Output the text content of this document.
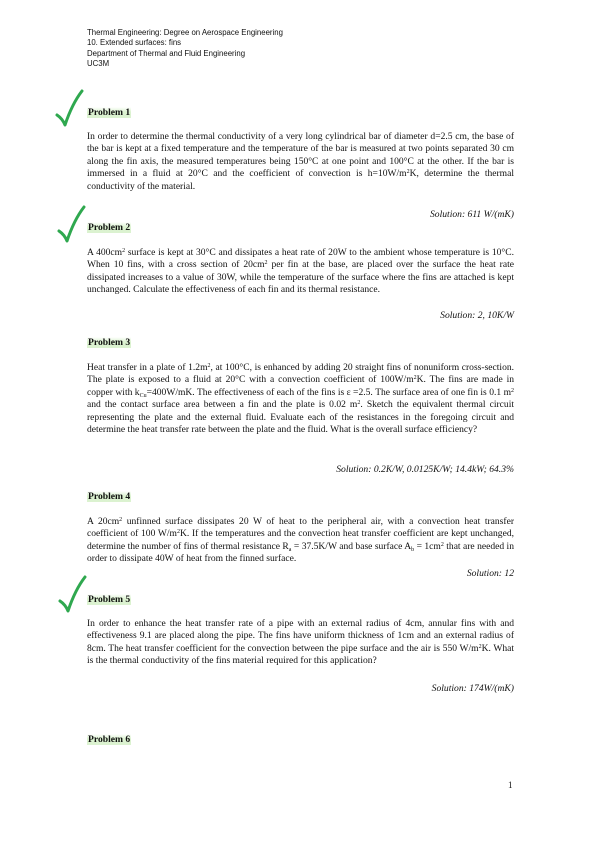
Thermal Engineering: Degree on Aerospace Engineering
10. Extended surfaces: fins
Department of Thermal and Fluid Engineering
UC3M
Problem 1
In order to determine the thermal conductivity of a very long cylindrical bar of diameter d=2.5 cm, the base of the bar is kept at a fixed temperature and the temperature of the bar is measured at two points separated 30 cm along the fin axis, the measured temperatures being 150°C at one point and 100°C at the other. If the bar is immersed in a fluid at 20°C and the coefficient of convection is $h=10W/m^2K$, determine the thermal conductivity of the material.
Solution: 611 W/(mK)
Problem 2
A $400cm^2$ surface is kept at 30°C and dissipates a heat rate of 20W to the ambient whose temperature is 10°C. When 10 fins, with a cross section of $20cm^2$ per fin at the base, are placed over the surface the heat rate dissipated increases to a value of 30W, while the temperature of the surface where the fins are attached is kept unchanged. Calculate the effectiveness of each fin and its thermal resistance.
Solution: 2, 10K/W
Problem 3
Heat transfer in a plate of $1.2m^2$, at 100°C, is enhanced by adding 20 straight fins of nonuniform cross-section. The plate is exposed to a fluid at 20°C with a convection coefficient of $100W/m^2K$. The fins are made in copper with $k_{Cu}=400W/mK$. The effectiveness of each of the fins is ε =2.5. The surface area of one fin is 0.1 $m^2$ and the contact surface area between a fin and the plate is 0.02 $m^2$. Sketch the equivalent thermal circuit representing the plate and the external fluid. Evaluate each of the resistances in the foregoing circuit and determine the heat transfer rate between the plate and the fluid. What is the overall surface efficiency?
Solution: 0.2K/W, 0.0125K/W; 14.4kW; 64.3%
Problem 4
A $20cm^2$ unfinned surface dissipates 20 W of heat to the peripheral air, with a convection heat transfer coefficient of 100 $W/m^2K$. If the temperatures and the convection heat transfer coefficient are kept unchanged, determine the number of fins of thermal resistance $R_a = 37.5K/W$ and base surface $A_b = 1cm^2$ that are needed in order to dissipate 40W of heat from the finned surface.
Solution: 12
Problem 5
In order to enhance the heat transfer rate of a pipe with an external radius of 4cm, annular fins with and effectiveness 9.1 are placed along the pipe. The fins have uniform thickness of 1cm and an external radius of 8cm. The heat transfer coefficient for the convection between the pipe surface and the air is 550 $W/m^2K$. What is the thermal conductivity of the fins material required for this application?
Solution: 174W/(mK)
Problem 6
1
